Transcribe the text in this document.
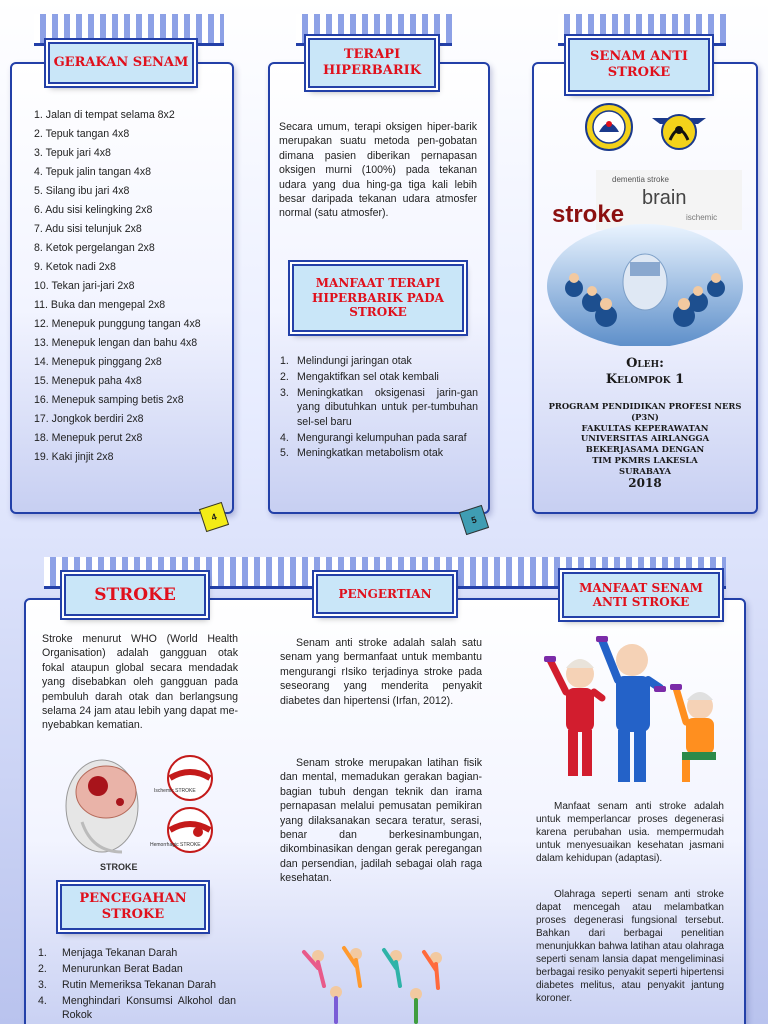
GERAKAN SENAM
1. Jalan di tempat selama 8x2
2. Tepuk tangan 4x8
3. Tepuk jari 4x8
4. Tepuk jalin tangan 4x8
5. Silang ibu jari 4x8
6. Adu sisi kelingking 2x8
7. Adu sisi telunjuk 2x8
8. Ketok pergelangan 2x8
9. Ketok nadi 2x8
10. Tekan jari-jari 2x8
11. Buka dan mengepal 2x8
12. Menepuk punggung tangan 4x8
13. Menepuk lengan dan bahu 4x8
14. Menepuk pinggang 2x8
15. Menepuk paha 4x8
16. Menepuk samping betis 2x8
17. Jongkok berdiri 2x8
18. Menepuk perut 2x8
19. Kaki jinjit 2x8
4
TERAPI HIPERBARIK
Secara umum, terapi oksigen hiper-barik merupakan suatu metoda pen-gobatan dimana pasien diberikan pernapasan oksigen murni (100%) pada tekanan udara yang dua hing-ga tiga kali lebih besar daripada tekanan udara atmosfer normal (satu atmosfer).
MANFAAT TERAPI HIPERBARIK PADA STROKE
1. Melindungi jaringan otak
2. Mengaktifkan sel otak kembali
3. Meningkatkan oksigenasi jarin-gan yang dibutuhkan untuk per-tumbuhan sel-sel baru
4. Mengurangi kelumpuhan pada saraf
5. Meningkatkan metabolism otak
5
SENAM ANTI STROKE
dementia stroke
brain
ischemic
stroke
Oleh:
Kelompok 1
PROGRAM PENDIDIKAN PROFESI NERS (P3N)
FAKULTAS KEPERAWATAN
UNIVERSITAS AIRLANGGA
BEKERJASAMA DENGAN
TIM PKMRS LAKESLA
SURABAYA
2018
STROKE
Stroke menurut WHO (World Health Organisation) adalah gangguan otak fokal ataupun global secara mendadak yang disebabkan oleh gangguan pada pembuluh darah otak dan berlangsung selama 24 jam atau lebih yang dapat me-nyebabkan kematian.
Ischemic STROKE
Hemorrhagic STROKE
STROKE
PENCEGAHAN STROKE
1.	Menjaga Tekanan Darah
2.	Menurunkan Berat Badan
3.	Rutin Memeriksa Tekanan Darah
4.	Menghindari Konsumsi Alkohol dan Rokok
PENGERTIAN
Senam anti stroke adalah salah satu senam yang bermanfaat untuk membantu mengurangi rIsiko terjadinya stroke pada seseorang yang menderita penyakit diabetes dan hipertensi (Irfan, 2012).
Senam stroke merupakan latihan fisik dan mental, memadukan gerakan bagian-bagian tubuh dengan teknik dan irama pernapasan melalui pemusatan pemikiran yang dilaksanakan secara teratur, serasi, benar dan berkesinambungan, dikombinasikan dengan gerak peregangan dan persendian, jadilah sebagai olah raga kesehatan.
MANFAAT SENAM ANTI STROKE
Manfaat senam anti stroke adalah untuk memperlancar proses degenerasi karena perubahan usia. mempermudah untuk menyesuaikan kesehatan jasmani dalam kehidupan (adaptasi).
Olahraga seperti senam anti stroke dapat mencegah atau melambatkan proses degenerasi fungsional tersebut. Bahkan dari berbagai penelitian menunjukkan bahwa latihan atau olahraga seperti senam lansia dapat mengeliminasi berbagai resiko penyakit seperti hipertensi diabetes melitus, atau penyakit jantung koroner.
